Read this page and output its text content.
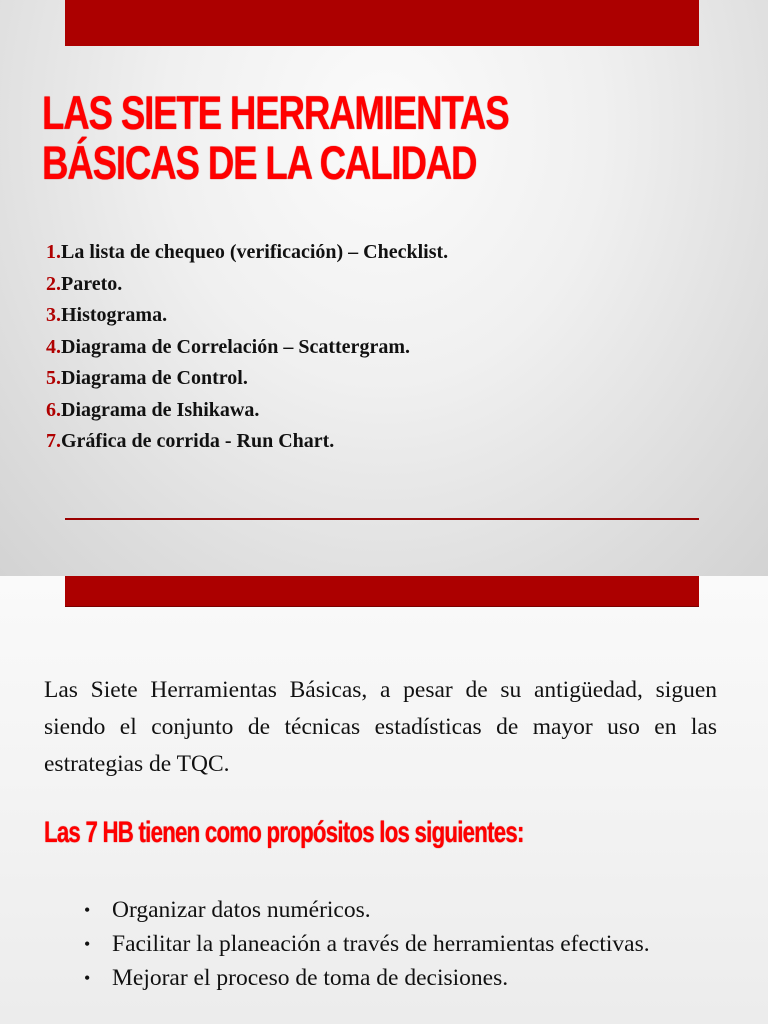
LAS SIETE HERRAMIENTAS
BÁSICAS DE LA CALIDAD
1.La lista de chequeo (verificación) – Checklist.
2.Pareto.
3.Histograma.
4.Diagrama de Correlación – Scattergram.
5.Diagrama de Control.
6.Diagrama de Ishikawa.
7.Gráfica de corrida - Run Chart.

Las Siete Herramientas Básicas, a pesar de su antigüedad, siguen siendo el conjunto de técnicas estadísticas de mayor uso en las estrategias de TQC.

Las 7 HB tienen como propósitos los siguientes:
• Organizar datos numéricos.
• Facilitar la planeación a través de herramientas efectivas.
• Mejorar el proceso de toma de decisiones.
